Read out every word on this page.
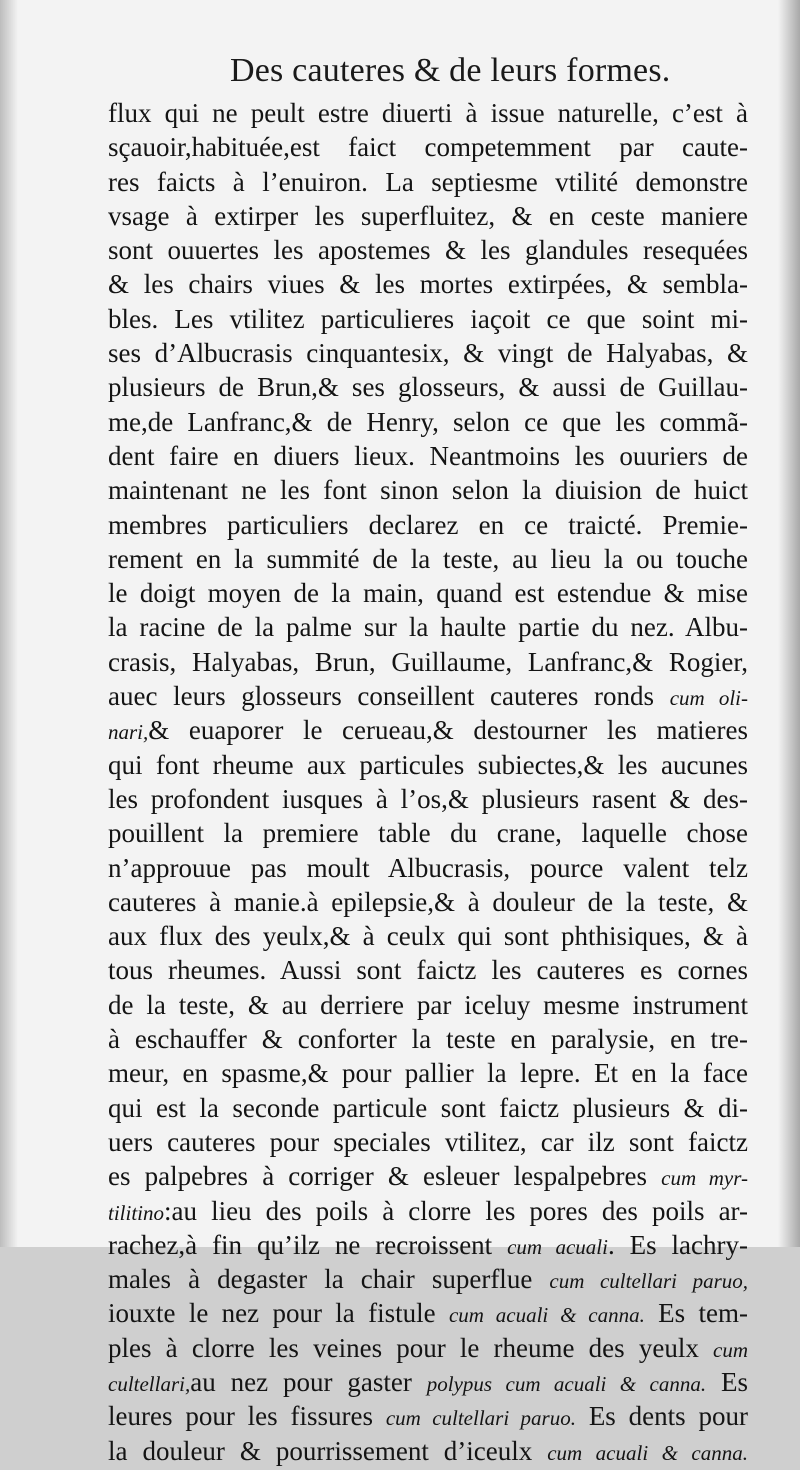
Des cauteres & de leurs formes.
flux qui ne peult estre diuerti à issue naturelle, c’est à
sçauoir,habituée,est faict competemment par caute-
res faicts à l’enuiron. La septiesme vtilité demonstre
vsage à extirper les superfluitez, & en ceste maniere
sont ouuertes les apostemes & les glandules resequées
& les chairs viues & les mortes extirpées, & sembla-
bles. Les vtilitez particulieres iaçoit ce que soint mi-
ses d’Albucrasis cinquantesix, & vingt de Halyabas, &
plusieurs de Brun,& ses glosseurs, & aussi de Guillau-
me,de Lanfranc,& de Henry, selon ce que les commã-
dent faire en diuers lieux. Neantmoins les ouuriers de
maintenant ne les font sinon selon la diuision de huict
membres particuliers declarez en ce traicté. Premie-
rement en la summité de la teste, au lieu la ou touche
le doigt moyen de la main, quand est estendue & mise
la racine de la palme sur la haulte partie du nez. Albu-
crasis, Halyabas, Brun, Guillaume, Lanfranc,& Rogier,
auec leurs glosseurs conseillent cauteres ronds cum oli-
nari,& euaporer le cerueau,& destourner les matieres
qui font rheume aux particules subiectes,& les aucunes
les profondent iusques à l’os,& plusieurs rasent & des-
pouillent la premiere table du crane, laquelle chose
n’approuue pas moult Albucrasis, pource valent telz
cauteres à manie.à epilepsie,& à douleur de la teste, &
aux flux des yeulx,& à ceulx qui sont phthisiques, & à
tous rheumes. Aussi sont faictz les cauteres es cornes
de la teste, & au derriere par iceluy mesme instrument
à eschauffer & conforter la teste en paralysie, en tre-
meur, en spasme,& pour pallier la lepre. Et en la face
qui est la seconde particule sont faictz plusieurs & di-
uers cauteres pour speciales vtilitez, car ilz sont faictz
es palpebres à corriger & esleuer lespalpebres cum myr-
tilitino:au lieu des poils à clorre les pores des poils ar-
rachez,à fin qu’ilz ne recroissent cum acuali. Es lachry-
males à degaster la chair superflue cum cultellari paruo,
iouxte le nez pour la fistule cum acuali & canna. Es tem-
ples à clorre les veines pour le rheume des yeulx cum
cultellari,au nez pour gaster polypus cum acuali & canna. Es
leures pour les fissures cum cultellari paruo. Es dents pour
la douleur & pourrissement d’iceulx cum acuali & canna.
